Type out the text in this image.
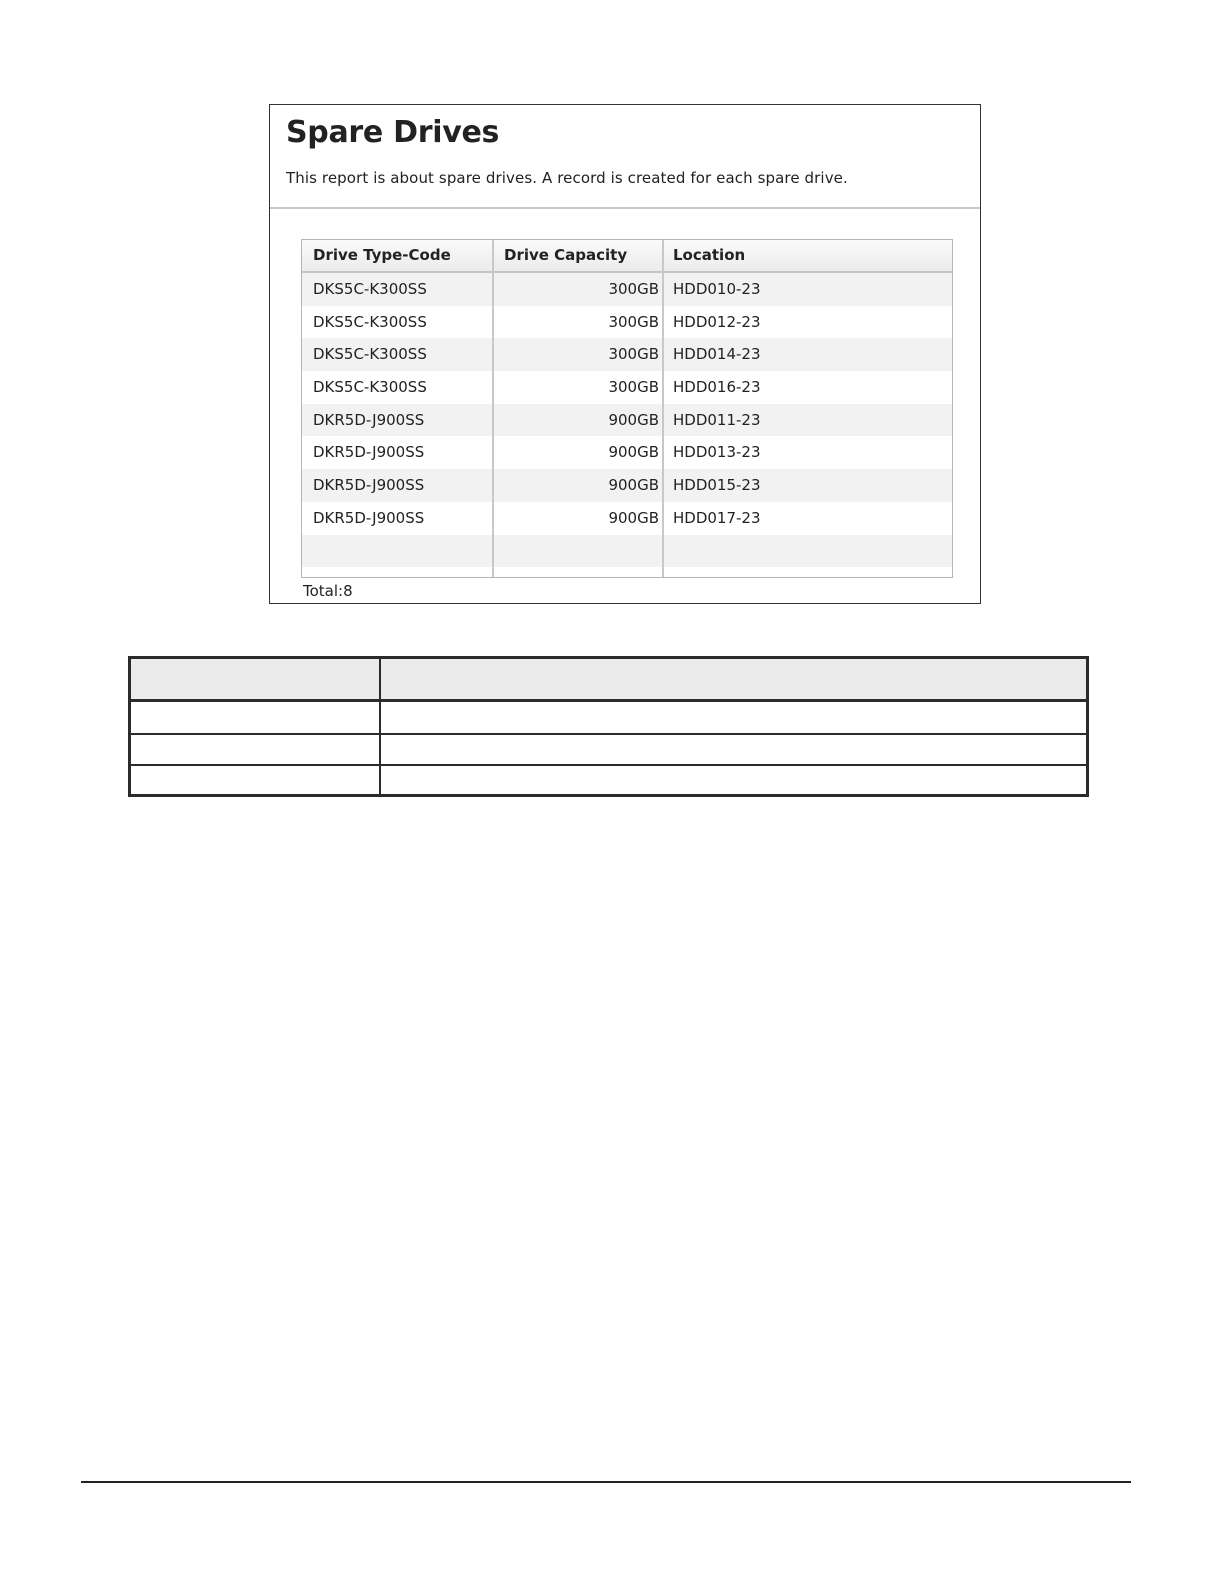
Spare Drives
This report is about spare drives. A record is created for each spare drive.
Drive Type-Code	Drive Capacity	Location
DKS5C-K300SS	300GB HDD010-23
DKS5C-K300SS	300GB HDD012-23
DKS5C-K300SS	300GB HDD014-23
DKS5C-K300SS	300GB HDD016-23
DKR5D-J900SS	900GB HDD011-23
DKR5D-J900SS	900GB HDD013-23
DKR5D-J900SS	900GB HDD015-23
DKR5D-J900SS	900GB HDD017-23
Total:8
